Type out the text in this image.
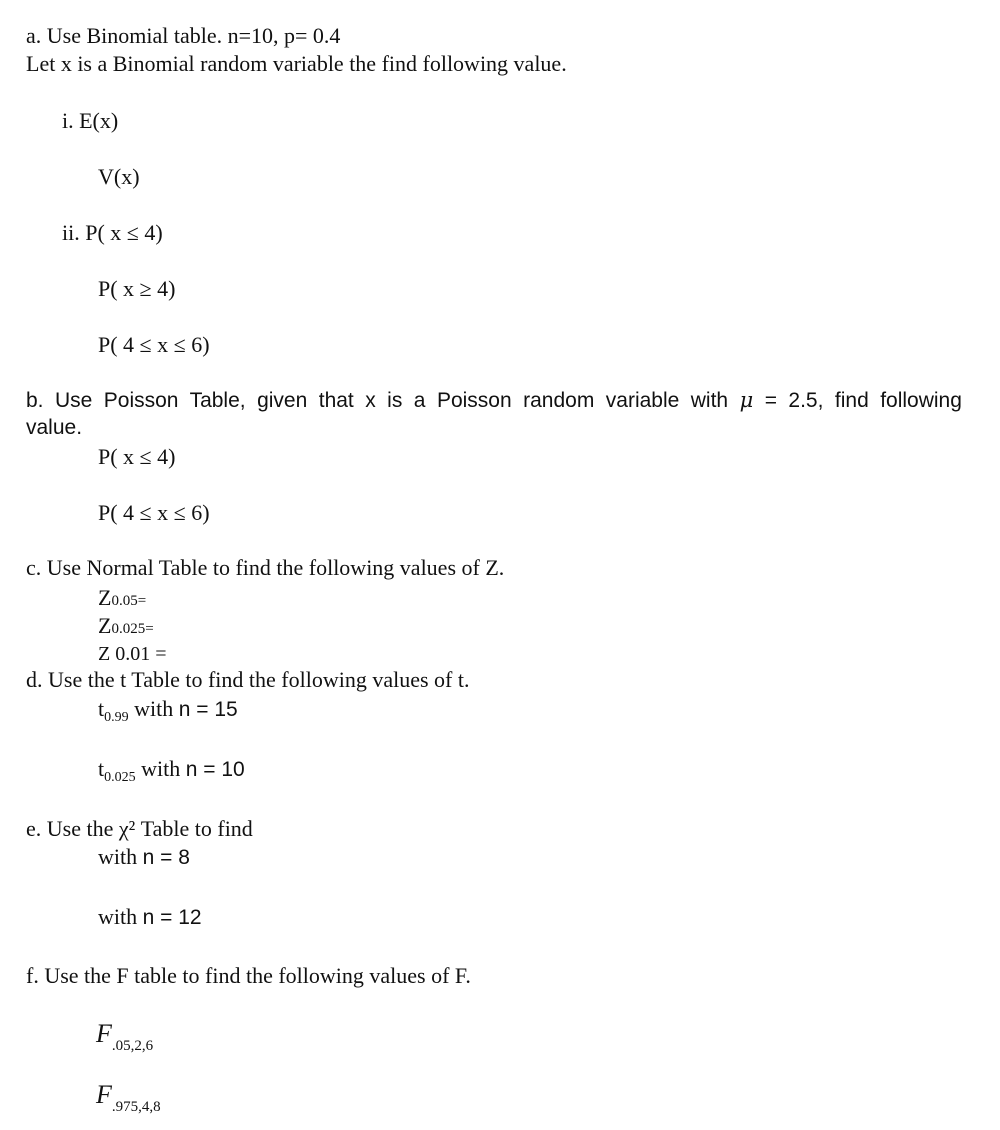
a. Use Binomial table. n=10, p= 0.4
Let x is a Binomial random variable the find following value.
i. E(x)
V(x)
ii. P( x ≤ 4)
P( x ≥ 4)
P( 4 ≤ x ≤ 6)
b. Use Poisson Table, given that x is a Poisson random variable with μ = 2.5, find following
value.
P( x ≤ 4)
P( 4 ≤ x ≤ 6)
c. Use Normal Table to find the following values of Z.
Z0.05=
Z0.025=
Z 0.01 =
d. Use the t Table to find the following values of t.
$t_{0.99}$ with n = 15
$t_{0.025}$ with n = 10
e. Use the χ² Table to find
with n = 8
with n = 12
f. Use the F table to find the following values of F.
$F_{.05,2,6}$
$F_{.975,4,8}$
